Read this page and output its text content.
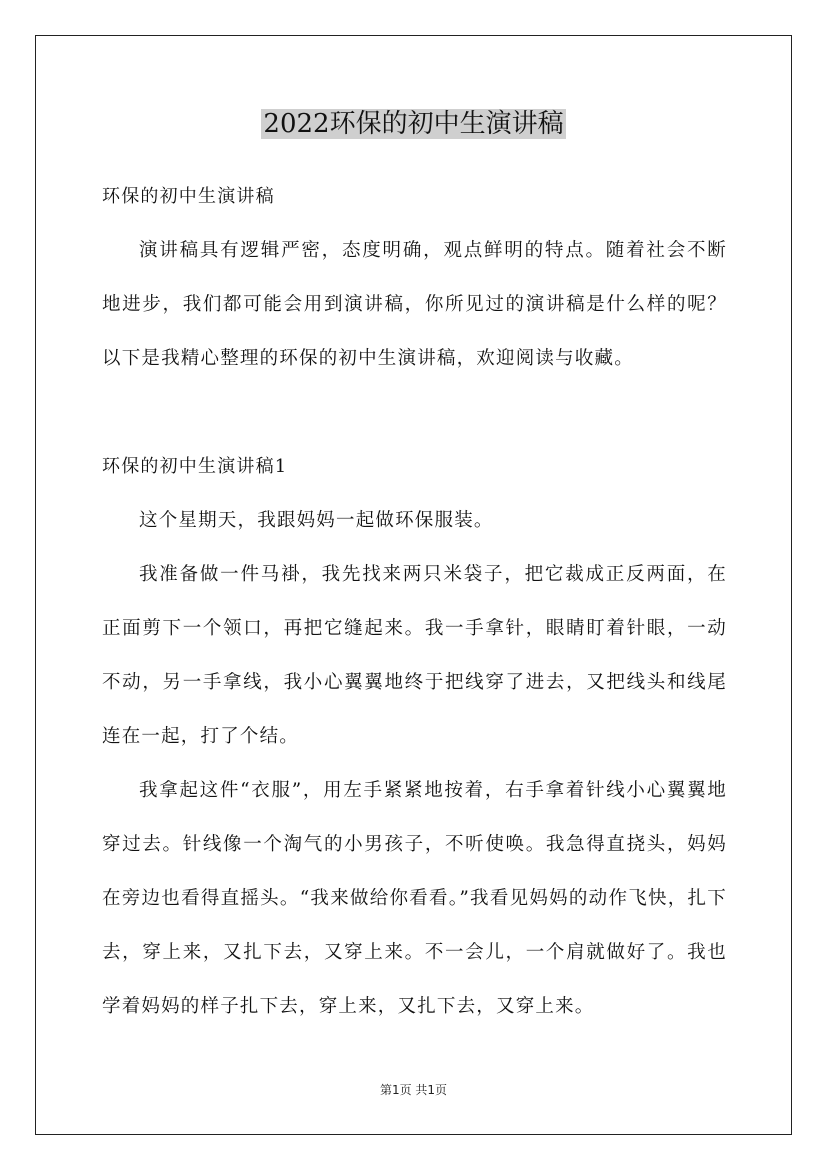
2022环保的初中生演讲稿

环保的初中生演讲稿

演讲稿具有逻辑严密，态度明确，观点鲜明的特点。随着社会不断地进步，我们都可能会用到演讲稿，你所见过的演讲稿是什么样的呢？以下是我精心整理的环保的初中生演讲稿，欢迎阅读与收藏。

环保的初中生演讲稿1

这个星期天，我跟妈妈一起做环保服装。

我准备做一件马褂，我先找来两只米袋子，把它裁成正反两面，在正面剪下一个领口，再把它缝起来。我一手拿针，眼睛盯着针眼，一动不动，另一手拿线，我小心翼翼地终于把线穿了进去，又把线头和线尾连在一起，打了个结。

我拿起这件“衣服”，用左手紧紧地按着，右手拿着针线小心翼翼地穿过去。针线像一个淘气的小男孩子，不听使唤。我急得直挠头，妈妈在旁边也看得直摇头。“我来做给你看看。”我看见妈妈的动作飞快，扎下去，穿上来，又扎下去，又穿上来。不一会儿，一个肩就做好了。我也学着妈妈的样子扎下去，穿上来，又扎下去，又穿上来。

第1页 共1页
